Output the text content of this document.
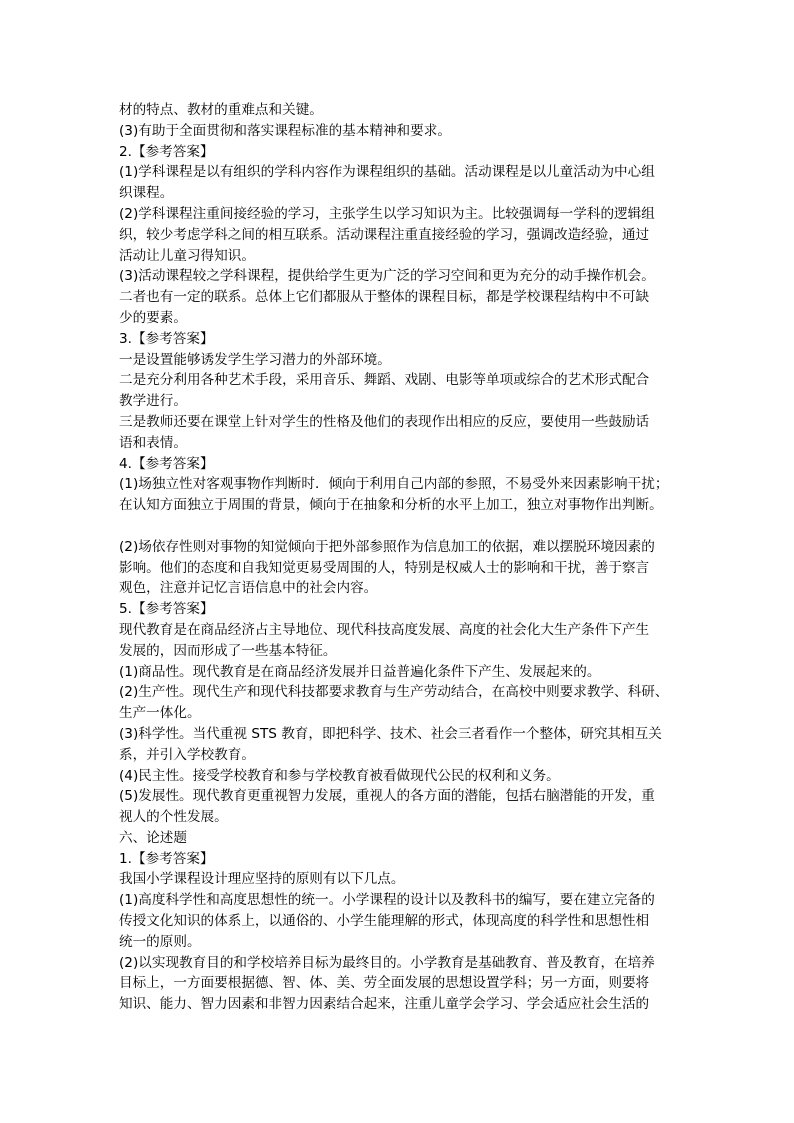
材的特点、教材的重难点和关键。
(3)有助于全面贯彻和落实课程标准的基本精神和要求。
2.【参考答案】
(1)学科课程是以有组织的学科内容作为课程组织的基础。活动课程是以儿童活动为中心组
织课程。
(2)学科课程注重间接经验的学习，主张学生以学习知识为主。比较强调每一学科的逻辑组
织，较少考虑学科之间的相互联系。活动课程注重直接经验的学习，强调改造经验，通过
活动让儿童习得知识。
(3)活动课程较之学科课程，提供给学生更为广泛的学习空间和更为充分的动手操作机会。
二者也有一定的联系。总体上它们都服从于整体的课程目标，都是学校课程结构中不可缺
少的要素。
3.【参考答案】
一是设置能够诱发学生学习潜力的外部环境。
二是充分利用各种艺术手段，采用音乐、舞蹈、戏剧、电影等单项或综合的艺术形式配合
教学进行。
三是教师还要在课堂上针对学生的性格及他们的表现作出相应的反应，要使用一些鼓励话
语和表情。
4.【参考答案】
(1)场独立性对客观事物作判断时．倾向于利用自己内部的参照，不易受外来因素影响干扰；
在认知方面独立于周围的背景，倾向于在抽象和分析的水平上加工，独立对事物作出判断。
(2)场依存性则对事物的知觉倾向于把外部参照作为信息加工的依据，难以摆脱环境因素的
影响。他们的态度和自我知觉更易受周围的人，特别是权威人士的影响和干扰，善于察言
观色，注意并记忆言语信息中的社会内容。
5.【参考答案】
现代教育是在商品经济占主导地位、现代科技高度发展、高度的社会化大生产条件下产生
发展的，因而形成了一些基本特征。
(1)商品性。现代教育是在商品经济发展并日益普遍化条件下产生、发展起来的。
(2)生产性。现代生产和现代科技都要求教育与生产劳动结合，在高校中则要求教学、科研、
生产一体化。
(3)科学性。当代重视 STS 教育，即把科学、技术、社会三者看作一个整体，研究其相互关
系，并引入学校教育。
(4)民主性。接受学校教育和参与学校教育被看做现代公民的权利和义务。
(5)发展性。现代教育更重视智力发展，重视人的各方面的潜能，包括右脑潜能的开发，重
视人的个性发展。
六、论述题
1.【参考答案】
我国小学课程设计理应坚持的原则有以下几点。
(1)高度科学性和高度思想性的统一。小学课程的设计以及教科书的编写，要在建立完备的
传授文化知识的体系上，以通俗的、小学生能理解的形式，体现高度的科学性和思想性相
统一的原则。
(2)以实现教育目的和学校培养目标为最终目的。小学教育是基础教育、普及教育，在培养
目标上，一方面要根据德、智、体、美、劳全面发展的思想设置学科；另一方面，则要将
知识、能力、智力因素和非智力因素结合起来，注重儿童学会学习、学会适应社会生活的
